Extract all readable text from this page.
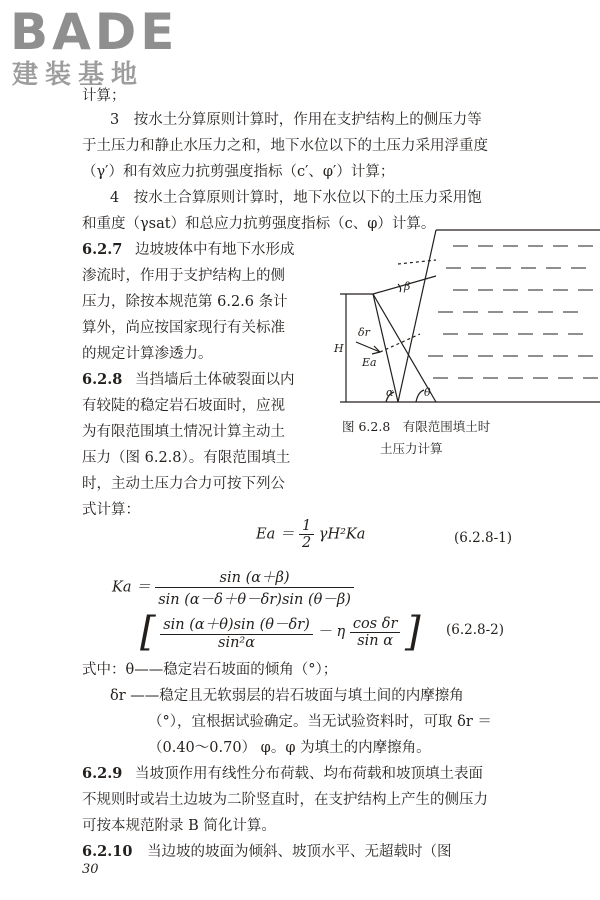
BADE
建装基地
计算；
3　按水土分算原则计算时，作用在支护结构上的侧压力等
于土压力和静止水压力之和，地下水位以下的土压力采用浮重度
（γ′）和有效应力抗剪强度指标（c′、φ′）计算；
4　按水土合算原则计算时，地下水位以下的土压力采用饱
和重度（γsat）和总应力抗剪强度指标（c、φ）计算。
6.2.7 边坡坡体中有地下水形成
渗流时，作用于支护结构上的侧
压力，除按本规范第 6.2.6 条计
算外，尚应按国家现行有关标准
的规定计算渗透力。
6.2.8 当挡墙后土体破裂面以内
有较陡的稳定岩石坡面时，应视
为有限范围填土情况计算主动土
压力（图 6.2.8）。有限范围填土
时，主动土压力合力可按下列公
式计算：
H
β
δr
Ea
α	θ
图 6.2.8　有限范围填土时
土压力计算
$Ea = \frac{1}{2} \gamma H^2Ka$	(6.2.8-1)
$Ka = \frac{\sin (\alpha+\beta)}{\sin (\alpha-\delta+\theta-\delta r)\sin (\theta-\beta)}$
[ $\frac{\sin (\alpha+\theta)\sin (\theta-\delta r)}{\text{sin²α}} - \eta \frac{\text{cos δr}}{\text{sin α}}$ ] (6.2.8-2)
式中：θ——稳定岩石坡面的倾角（°）；
δr ——稳定且无软弱层的岩石坡面与填土间的内摩擦角
（°），宜根据试验确定。当无试验资料时，可取 δr ＝
（0.40～0.70） φ。φ 为填土的内摩擦角。
6.2.9 当坡顶作用有线性分布荷载、均布荷载和坡顶填土表面
不规则时或岩土边坡为二阶竖直时，在支护结构上产生的侧压力
可按本规范附录 B 简化计算。
6.2.10 当边坡的坡面为倾斜、坡顶水平、无超载时（图
30
